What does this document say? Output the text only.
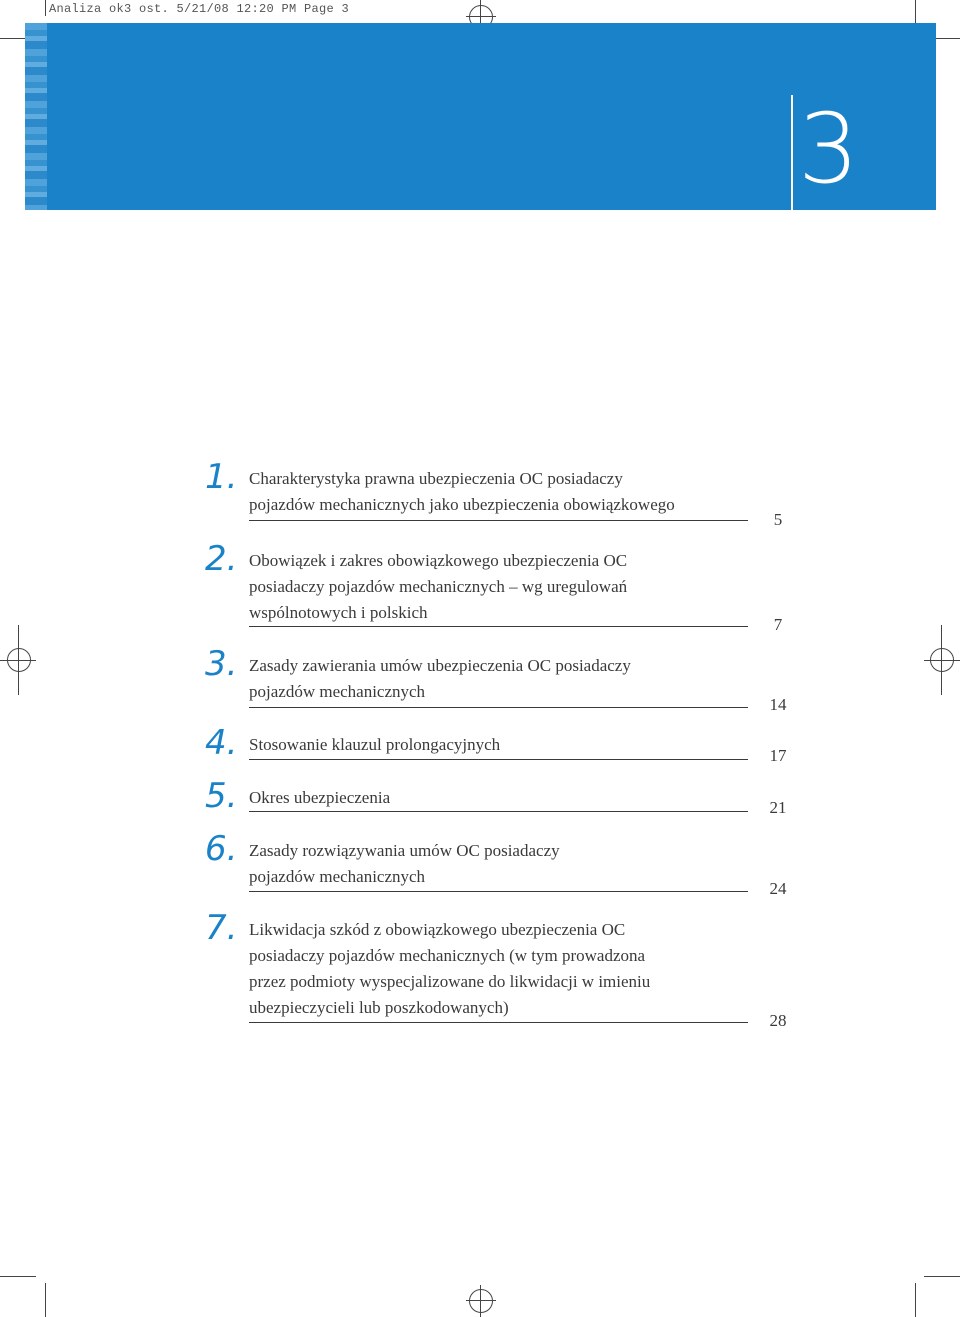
Analiza ok3 ost. 5/21/08 12:20 PM Page 3
3
1. Charakterystyka prawna ubezpieczenia OC posiadaczy
pojazdów mechanicznych jako ubezpieczenia obowiązkowego
5
2. Obowiązek i zakres obowiązkowego ubezpieczenia OC
posiadaczy pojazdów mechanicznych – wg uregulowań
wspólnotowych i polskich
7
3. Zasady zawierania umów ubezpieczenia OC posiadaczy
pojazdów mechanicznych
14
4. Stosowanie klauzul prolongacyjnych
17
5. Okres ubezpieczenia
21
6. Zasady rozwiązywania umów OC posiadaczy
pojazdów mechanicznych
24
7. Likwidacja szkód z obowiązkowego ubezpieczenia OC
posiadaczy pojazdów mechanicznych (w tym prowadzona
przez podmioty wyspecjalizowane do likwidacji w imieniu
ubezpieczycieli lub poszkodowanych)
28
